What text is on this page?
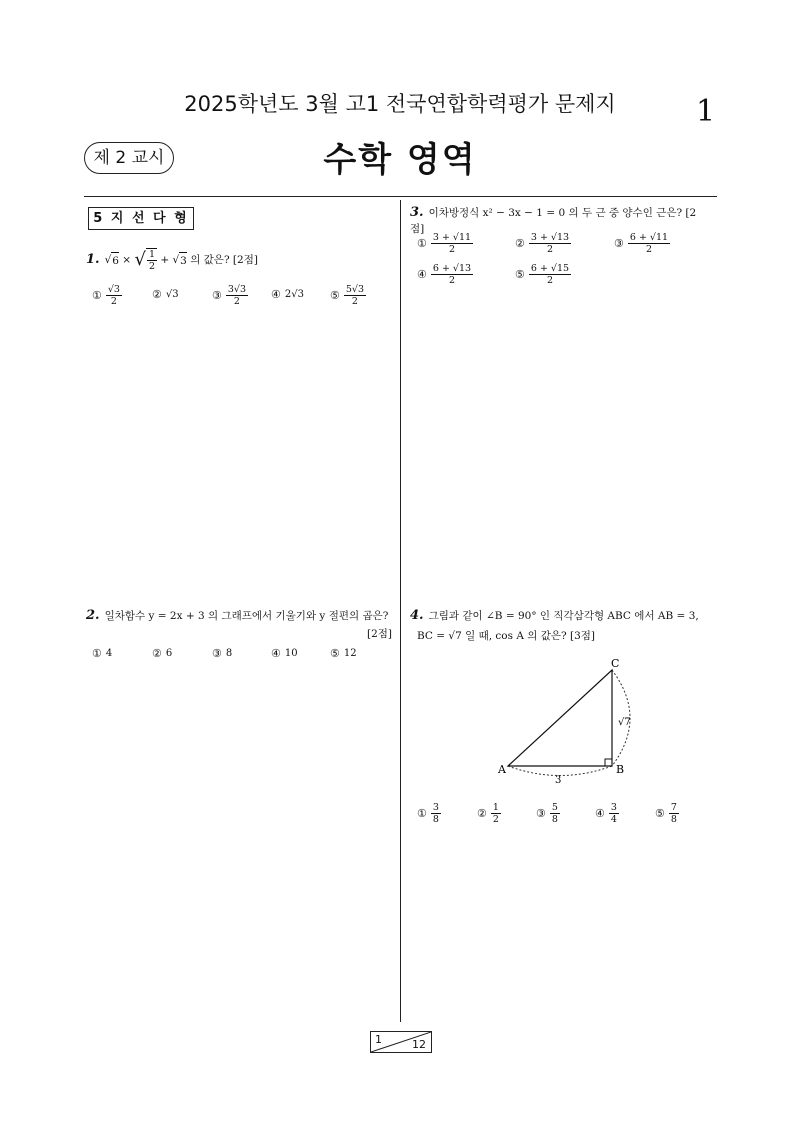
2025학년도 3월 고1 전국연합학력평가 문제지	1
제 2 교시	수학 영역
5 지 선 다 형
1. √ 6 × √ $\frac{1}{2}$ + √ 3
의 값은? [2점]
① $\frac{√3}{2}$	② √3	③ $\frac{3√3}{2}$ ④ 2√3 ⑤ $\frac{5√3}{2}$
2. 일차함수 y = 2x + 3 의 그래프에서 기울기와 y 절편의 곱은?
[2점]
① 4	② 6	③ 8	④ 10	⑤ 12
3. 이차방정식 x² − 3x − 1 = 0 의 두 근 중 양수인 근은? [2점]
① $\frac{3 + √11}{2}$	② $\frac{3 + √13}{2}$	③ $\frac{6 + √11}{2}$
④ $\frac{6 + √13}{2}$	⑤ $\frac{6 + √15}{2}$
4. 그림과 같이 ∠B = 90° 인 직각삼각형 ABC 에서 AB = 3,
BC = √7 일 때, cos A 의 값은? [3점]
A	B
C
3
√7
① $\frac{3}{8}$	② $\frac{1}{2}$	③ $\frac{5}{8}$	④ $\frac{3}{4}$	⑤ $\frac{7}{8}$
1	12
